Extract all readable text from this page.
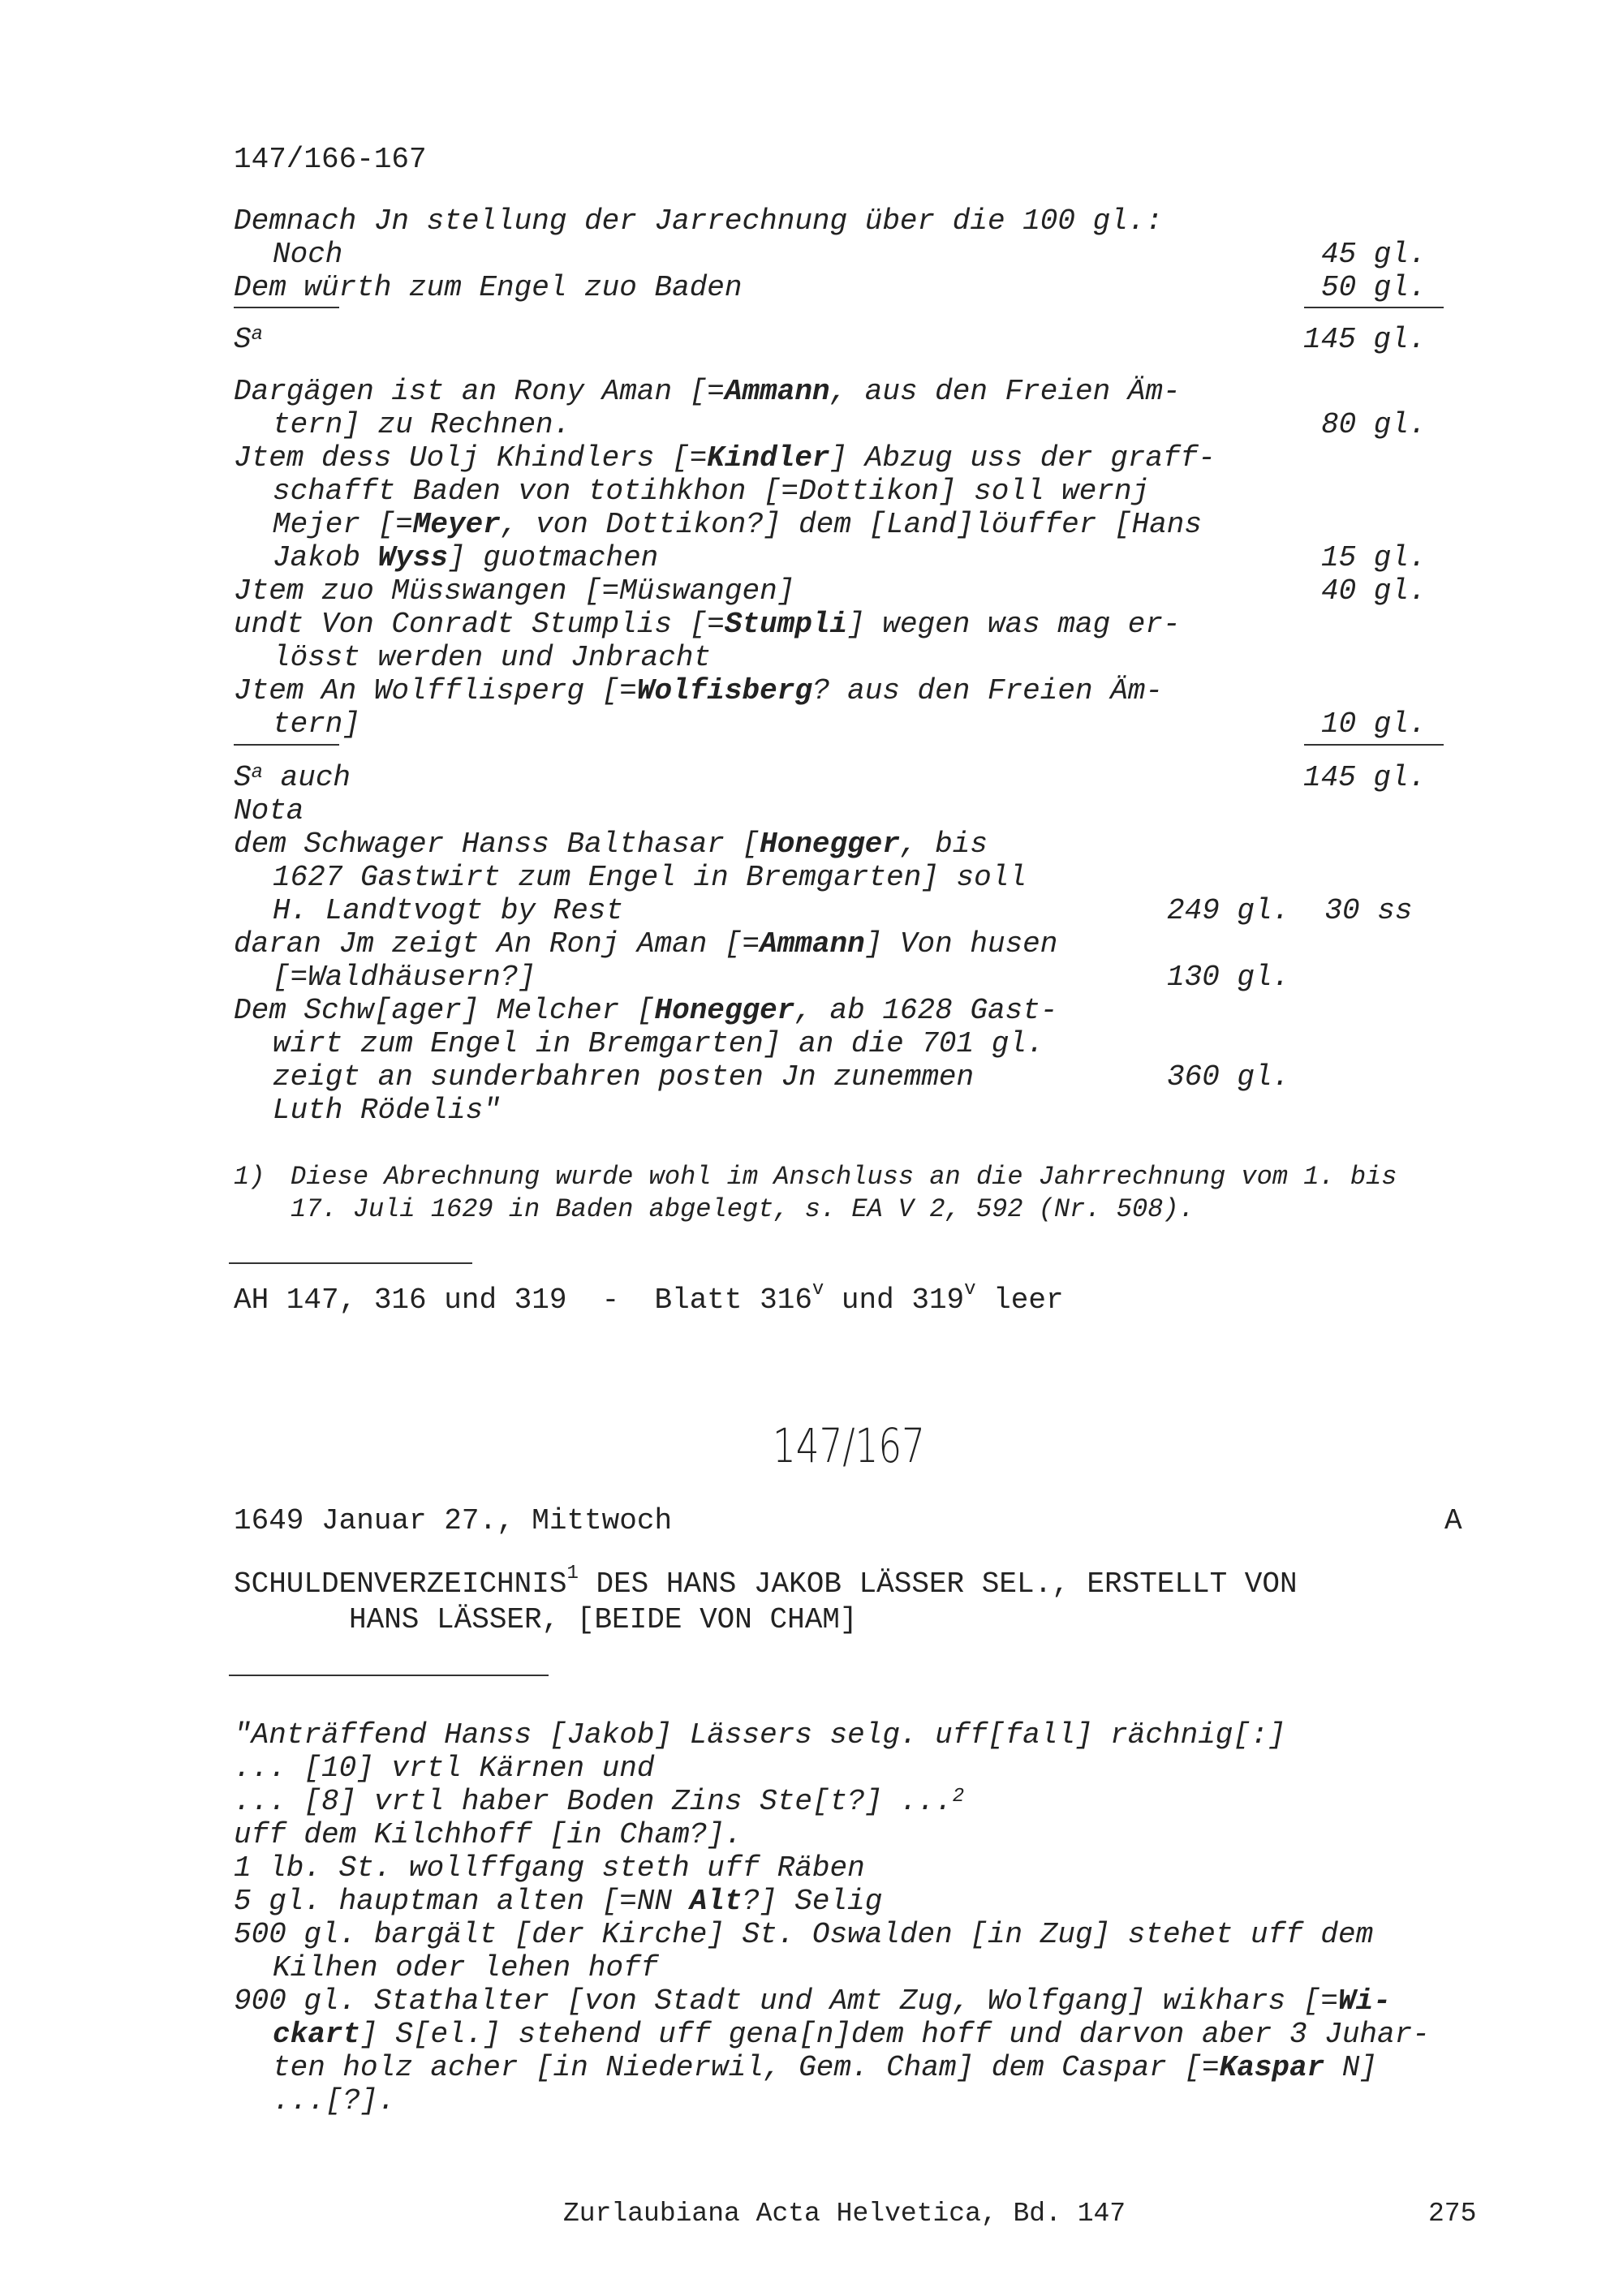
147/166-167
Demnach Jn stellung der Jarrechnung über die 100 gl.:
Noch	45 gl.
Dem würth zum Engel zuo Baden	50 gl.
$S^a$	145 gl.
Dargägen ist an Rony Aman [=Ammann, aus den Freien Äm-
tern] zu Rechnen.	80 gl.
Jtem dess Uolj Khindlers [=Kindler] Abzug uss der graff-
schafft Baden von totihkhon [=Dottikon] soll wernj
Mejer [=Meyer, von Dottikon?] dem [Land]löuffer [Hans
Jakob Wyss] guotmachen	15 gl.
Jtem zuo Müsswangen [=Müswangen]	40 gl.
undt Von Conradt Stumplis [=Stumpli] wegen was mag er-
lösst werden und Jnbracht
Jtem An Wolfflisperg [=Wolfisberg? aus den Freien Äm-
tern]	10 gl.
$S^a$ auch	145 gl.
Nota
dem Schwager Hanss Balthasar [Honegger, bis
1627 Gastwirt zum Engel in Bremgarten] soll
H. Landtvogt by Rest	249 gl.  30 ss
daran Jm zeigt An Ronj Aman [=Ammann] Von husen
[=Waldhäusern?]	130 gl.
Dem Schw[ager] Melcher [Honegger, ab 1628 Gast-
wirt zum Engel in Bremgarten] an die 701 gl.
zeigt an sunderbahren posten Jn zunemmen	360 gl.
Luth Rödelis"
1) Diese Abrechnung wurde wohl im Anschluss an die Jahrrechnung vom 1. bis
17. Juli 1629 in Baden abgelegt, s. EA V 2, 592 (Nr. 508).
AH 147, 316 und 319  -  Blatt 316$^v$ und 319$^v$ leer
147/167
1649 Januar 27., Mittwoch	A
SCHULDENVERZEICHNIS$^1$ DES HANS JAKOB LÄSSER SEL., ERSTELLT VON
HANS LÄSSER, [BEIDE VON CHAM]
"Anträffend Hanss [Jakob] Lässers selg. uff[fall] rächnig[:]
... [10] vrtl Kärnen und
... [8] vrtl haber Boden Zins Ste[t?] ...$^2$
uff dem Kilchhoff [in Cham?].
1 lb. St. wollffgang steth uff Räben
5 gl. hauptman alten [=NN Alt?] Selig
500 gl. bargält [der Kirche] St. Oswalden [in Zug] stehet uff dem
Kilhen oder lehen hoff
900 gl. Stathalter [von Stadt und Amt Zug, Wolfgang] wikhars [=Wi-
ckart] S[el.] stehend uff gena[n]dem hoff und darvon aber 3 Juhar-
ten holz acher [in Niederwil, Gem. Cham] dem Caspar [=Kaspar N]
...[?].
Zurlaubiana Acta Helvetica, Bd. 147	275
